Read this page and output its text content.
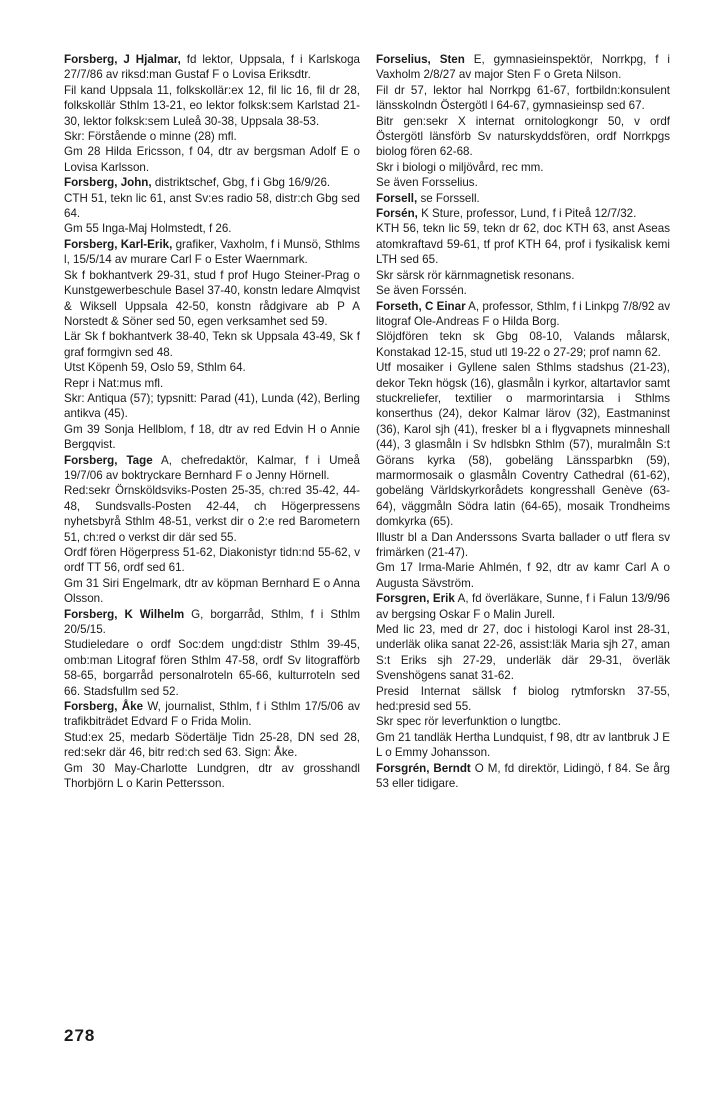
Forsberg, J Hjalmar, fd lektor, Uppsala, f i Karlskoga 27/7/86 av riksd:man Gustaf F o Lovisa Eriksdtr.
Fil kand Uppsala 11, folkskollär:ex 12, fil lic 16, fil dr 28, folkskollär Sthlm 13-21, eo lektor folksk:sem Karlstad 21-30, lektor folksk:sem Luleå 30-38, Uppsala 38-53.
Skr: Förstående o minne (28) mfl.
Gm 28 Hilda Ericsson, f 04, dtr av bergsman Adolf E o Lovisa Karlsson.
Forsberg, John, distriktschef, Gbg, f i Gbg 16/9/26.
CTH 51, tekn lic 61, anst Sv:es radio 58, distr:ch Gbg sed 64.
Gm 55 Inga-Maj Holmstedt, f 26.
Forsberg, Karl-Erik, grafiker, Vaxholm, f i Munsö, Sthlms l, 15/5/14 av murare Carl F o Ester Waernmark.
Sk f bokhantverk 29-31, stud f prof Hugo Steiner-Prag o Kunstgewerbeschule Basel 37-40, konstn ledare Almqvist & Wiksell Uppsala 42-50, konstn rådgivare ab P A Norstedt & Söner sed 50, egen verksamhet sed 59.
Lär Sk f bokhantverk 38-40, Tekn sk Uppsala 43-49, Sk f graf formgivn sed 48.
Utst Köpenh 59, Oslo 59, Sthlm 64.
Repr i Nat:mus mfl.
Skr: Antiqua (57); typsnitt: Parad (41), Lunda (42), Berling antikva (45).
Gm 39 Sonja Hellblom, f 18, dtr av red Edvin H o Annie Bergqvist.
Forsberg, Tage A, chefredaktör, Kalmar, f i Umeå 19/7/06 av boktryckare Bernhard F o Jenny Hörnell.
Red:sekr Örnsköldsviks-Posten 25-35, ch:red 35-42, 44-48, Sundsvalls-Posten 42-44, ch Högerpressens nyhetsbyrå Sthlm 48-51, verkst dir o 2:e red Barometern 51, ch:red o verkst dir där sed 55.
Ordf fören Högerpress 51-62, Diakonistyr tidn:nd 55-62, v ordf TT 56, ordf sed 61.
Gm 31 Siri Engelmark, dtr av köpman Bernhard E o Anna Olsson.
Forsberg, K Wilhelm G, borgarråd, Sthlm, f i Sthlm 20/5/15.
Studieledare o ordf Soc:dem ungd:distr Sthlm 39-45, omb:man Litograf fören Sthlm 47-58, ordf Sv litografförb 58-65, borgarråd personalroteln 65-66, kulturroteln sed 66. Stadsfullm sed 52.
Forsberg, Åke W, journalist, Sthlm, f i Sthlm 17/5/06 av trafikbiträdet Edvard F o Frida Molin.
Stud:ex 25, medarb Södertälje Tidn 25-28, DN sed 28, red:sekr där 46, bitr red:ch sed 63. Sign: Åke.
Gm 30 May-Charlotte Lundgren, dtr av grosshandl Thorbjörn L o Karin Pettersson.
Forselius, Sten E, gymnasieinspektör, Norrkpg, f i Vaxholm 2/8/27 av major Sten F o Greta Nilson.
Fil dr 57, lektor hal Norrkpg 61-67, fortbildn:konsulent länsskolndn Östergötl l 64-67, gymnasieinsp sed 67.
Bitr gen:sekr X internat ornitologkongr 50, v ordf Östergötl länsförb Sv naturskyddsfören, ordf Norrkpgs biolog fören 62-68.
Skr i biologi o miljövård, rec mm.
Se även Forsselius.
Forsell, se Forssell.
Forsén, K Sture, professor, Lund, f i Piteå 12/7/32.
KTH 56, tekn lic 59, tekn dr 62, doc KTH 63, anst Aseas atomkraftavd 59-61, tf prof KTH 64, prof i fysikalisk kemi LTH sed 65.
Skr särsk rör kärnmagnetisk resonans.
Se även Forssén.
Forseth, C Einar A, professor, Sthlm, f i Linkpg 7/8/92 av litograf Ole-Andreas F o Hilda Borg.
Slöjdfören tekn sk Gbg 08-10, Valands målarsk, Konstakad 12-15, stud utl 19-22 o 27-29; prof namn 62.
Utf mosaiker i Gyllene salen Sthlms stadshus (21-23), dekor Tekn högsk (16), glasmåln i kyrkor, altartavlor samt stuckreliefer, textilier o marmorintarsia i Sthlms konserthus (24), dekor Kalmar lärov (32), Eastmaninst (36), Karol sjh (41), fresker bl a i flygvapnets minneshall (44), 3 glasmåln i Sv hdlsbkn Sthlm (57), muralmåln S:t Görans kyrka (58), gobeläng Länssparbkn (59), marmormosaik o glasmåln Coventry Cathedral (61-62), gobeläng Världskyrkorådets kongresshall Genève (63-64), väggmåln Södra latin (64-65), mosaik Trondheims domkyrka (65).
Illustr bl a Dan Anderssons Svarta ballader o utf flera sv frimärken (21-47).
Gm 17 Irma-Marie Ahlmén, f 92, dtr av kamr Carl A o Augusta Sävström.
Forsgren, Erik A, fd överläkare, Sunne, f i Falun 13/9/96 av bergsing Oskar F o Malin Jurell.
Med lic 23, med dr 27, doc i histologi Karol inst 28-31, underläk olika sanat 22-26, assist:läk Maria sjh 27, aman S:t Eriks sjh 27-29, underläk där 29-31, överläk Svenshögens sanat 31-62.
Presid Internat sällsk f biolog rytmforskn 37-55, hed:presid sed 55.
Skr spec rör leverfunktion o lungtbc.
Gm 21 tandläk Hertha Lundquist, f 98, dtr av lantbruk J E L o Emmy Johansson.
Forsgrén, Berndt O M, fd direktör, Lidingö, f 84. Se årg 53 eller tidigare.
278
